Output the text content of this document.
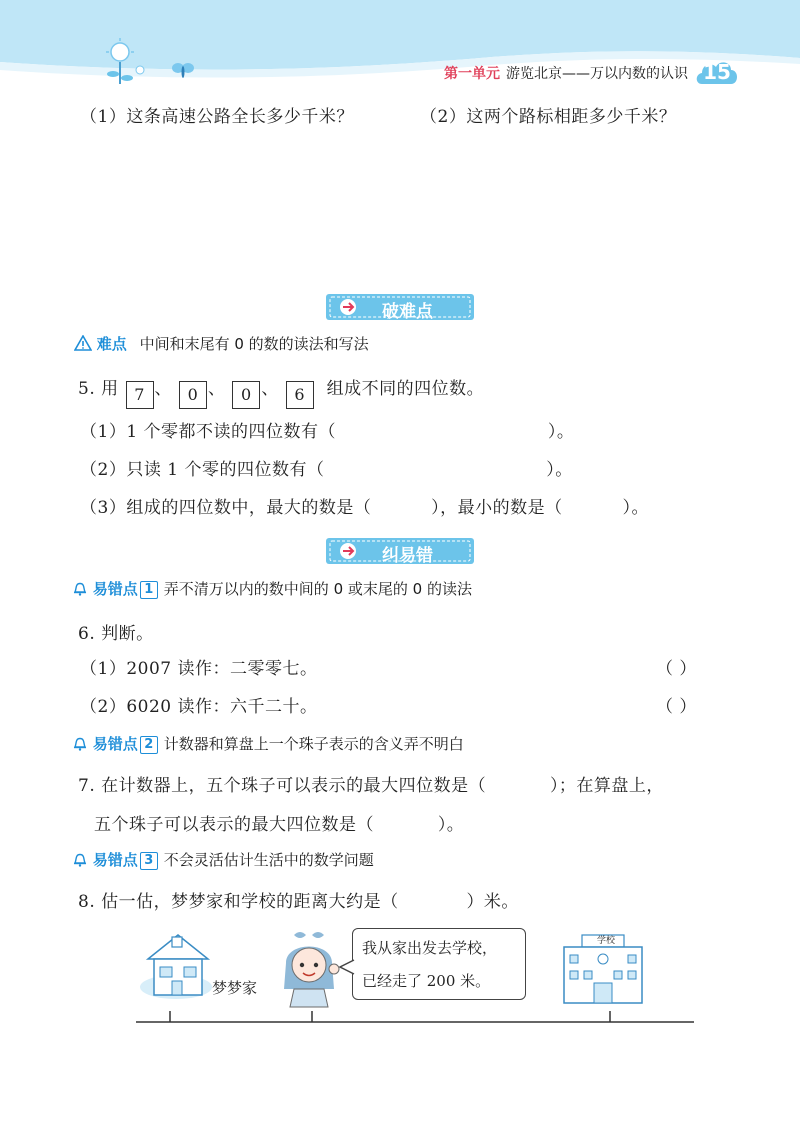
第一单元 游览北京——万以内数的认识 15
（1）这条高速公路全长多少千米？	（2）这两个路标相距多少千米？
破难点
难点 中间和末尾有 0 的数的读法和写法
5. 用 7 、 0 、 0 、 6 组成不同的四位数。
（1）1 个零都不读的四位数有（	）。
（2）只读 1 个零的四位数有（	）。
（3）组成的四位数中，最大的数是（	），最小的数是（	）。
纠易错
易错点 1 弄不清万以内的数中间的 0 或末尾的 0 的读法
6. 判断。
（1）2007 读作：二零零七。	（ ）
（2）6020 读作：六千二十。	（ ）
易错点 2 计数器和算盘上一个珠子表示的含义弄不明白
7. 在计数器上，五个珠子可以表示的最大四位数是（	）；在算盘上，
五个珠子可以表示的最大四位数是（	）。
易错点 3 不会灵活估计生活中的数学问题
8. 估一估，梦梦家和学校的距离大约是（	）米。
学校
梦梦家
我从家出发去学校，
已经走了 200 米。
